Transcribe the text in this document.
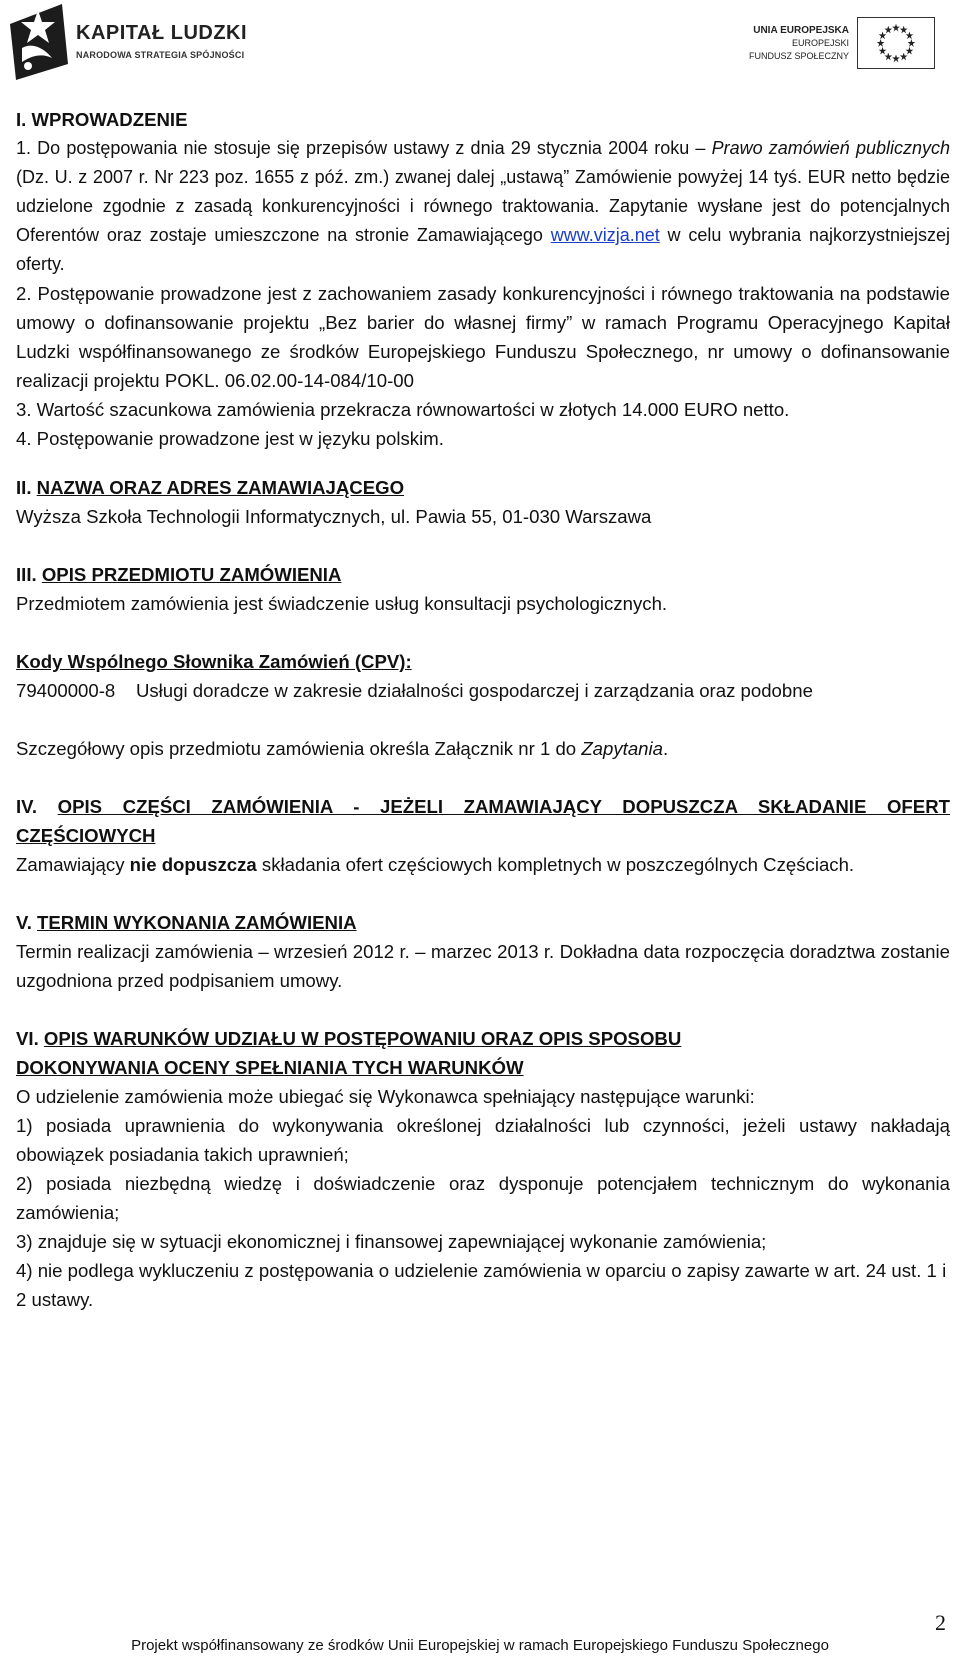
KAPITAŁ LUDZKI
NARODOWA STRATEGIA SPÓJNOŚCI
UNIA EUROPEJSKA
EUROPEJSKI
FUNDUSZ SPOŁECZNY

I. WPROWADZENIE

1. Do postępowania nie stosuje się przepisów ustawy z dnia 29 stycznia 2004 roku – Prawo zamówień publicznych (Dz. U. z 2007 r. Nr 223 poz. 1655 z póź. zm.) zwanej dalej „ustawą” Zamówienie powyżej 14 tyś. EUR netto będzie udzielone zgodnie z zasadą konkurencyjności i równego traktowania. Zapytanie wysłane jest do potencjalnych Oferentów oraz zostaje umieszczone na stronie Zamawiającego www.vizja.net w celu wybrania najkorzystniejszej oferty.

2. Postępowanie prowadzone jest z zachowaniem zasady konkurencyjności i równego traktowania na podstawie umowy o dofinansowanie projektu „Bez barier do własnej firmy” w ramach Programu Operacyjnego Kapitał Ludzki współfinansowanego ze środków Europejskiego Funduszu Społecznego, nr umowy o dofinansowanie realizacji projektu POKL. 06.02.00-14-084/10-00

3. Wartość szacunkowa zamówienia przekracza równowartości w złotych 14.000 EURO netto.

4. Postępowanie prowadzone jest w języku polskim.

II. NAZWA ORAZ ADRES ZAMAWIAJĄCEGO

Wyższa Szkoła Technologii Informatycznych, ul. Pawia 55, 01-030 Warszawa

III. OPIS PRZEDMIOTU ZAMÓWIENIA

Przedmiotem zamówienia jest świadczenie usług konsultacji psychologicznych.

Kody Wspólnego Słownika Zamówień (CPV):

79400000-8 Usługi doradcze w zakresie działalności gospodarczej i zarządzania oraz podobne

Szczegółowy opis przedmiotu zamówienia określa Załącznik nr 1 do Zapytania.

IV. OPIS CZĘŚCI ZAMÓWIENIA - JEŻELI ZAMAWIAJĄCY DOPUSZCZA SKŁADANIE OFERT CZĘŚCIOWYCH

Zamawiający nie dopuszcza składania ofert częściowych kompletnych w poszczególnych Częściach.

V. TERMIN WYKONANIA ZAMÓWIENIA

Termin realizacji zamówienia – wrzesień 2012 r. – marzec 2013 r. Dokładna data rozpoczęcia doradztwa zostanie uzgodniona przed podpisaniem umowy.

VI. OPIS WARUNKÓW UDZIAŁU W POSTĘPOWANIU ORAZ OPIS SPOSOBU

DOKONYWANIA OCENY SPEŁNIANIA TYCH WARUNKÓW

O udzielenie zamówienia może ubiegać się Wykonawca spełniający następujące warunki:

1) posiada uprawnienia do wykonywania określonej działalności lub czynności, jeżeli ustawy nakładają obowiązek posiadania takich uprawnień;

2) posiada niezbędną wiedzę i doświadczenie oraz dysponuje potencjałem technicznym do wykonania zamówienia;

3) znajduje się w sytuacji ekonomicznej i finansowej zapewniającej wykonanie zamówienia;

4) nie podlega wykluczeniu z postępowania o udzielenie zamówienia w oparciu o zapisy zawarte w art. 24 ust. 1 i 2 ustawy.

2
Projekt współfinansowany ze środków Unii Europejskiej w ramach Europejskiego Funduszu Społecznego
